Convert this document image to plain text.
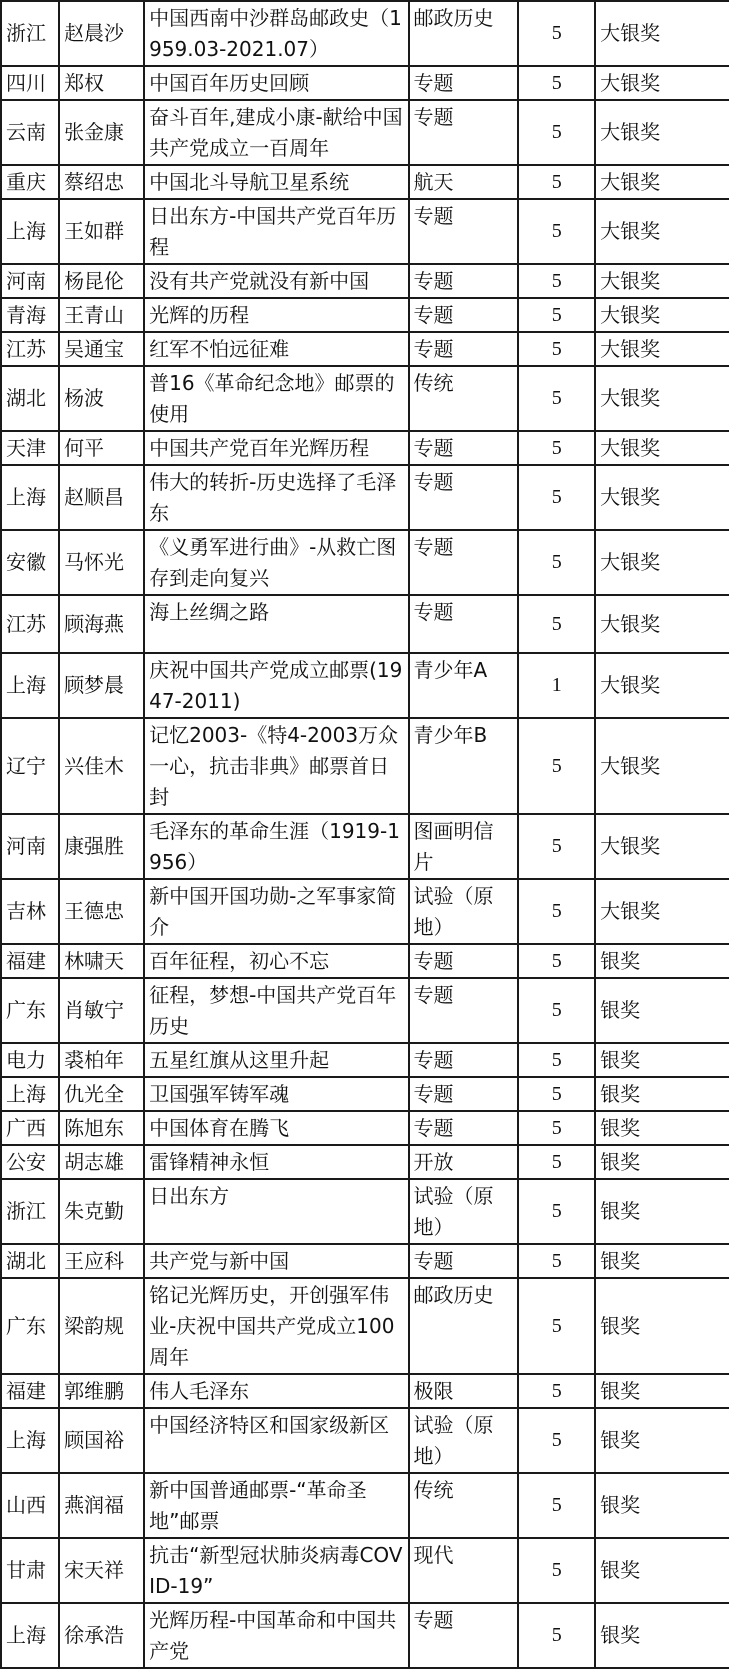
浙江	赵晨沙	中国西南中沙群岛邮政史（1959.03-2021.07）	邮政历史	5	大银奖
四川	郑权	中国百年历史回顾	专题	5	大银奖
云南	张金康	奋斗百年,建成小康-献给中国共产党成立一百周年	专题	5	大银奖
重庆	蔡绍忠	中国北斗导航卫星系统	航天	5	大银奖
上海	王如群	日出东方-中国共产党百年历程	专题	5	大银奖
河南	杨昆伦	没有共产党就没有新中国	专题	5	大银奖
青海	王青山	光辉的历程	专题	5	大银奖
江苏	吴通宝	红军不怕远征难	专题	5	大银奖
湖北	杨波	普16《革命纪念地》邮票的使用	传统	5	大银奖
天津	何平	中国共产党百年光辉历程	专题	5	大银奖
上海	赵顺昌	伟大的转折-历史选择了毛泽东	专题	5	大银奖
安徽	马怀光	《义勇军进行曲》-从救亡图存到走向复兴	专题	5	大银奖
江苏	顾海燕	海上丝绸之路	专题	5	大银奖
上海	顾梦晨	庆祝中国共产党成立邮票(1947-2011)	青少年A	1	大银奖
辽宁	兴佳木	记忆2003-《特4-2003万众一心，抗击非典》邮票首日封	青少年B	5	大银奖
河南	康强胜	毛泽东的革命生涯（1919-1956）	图画明信片	5	大银奖
吉林	王德忠	新中国开国功勋-之军事家简介	试验（原地）	5	大银奖
福建	林啸天	百年征程，初心不忘	专题	5	银奖
广东	肖敏宁	征程，梦想-中国共产党百年历史	专题	5	银奖
电力	裘柏年	五星红旗从这里升起	专题	5	银奖
上海	仇光全	卫国强军铸军魂	专题	5	银奖
广西	陈旭东	中国体育在腾飞	专题	5	银奖
公安	胡志雄	雷锋精神永恒	开放	5	银奖
浙江	朱克勤	日出东方	试验（原地）	5	银奖
湖北	王应科	共产党与新中国	专题	5	银奖
广东	梁韵规	铭记光辉历史，开创强军伟业-庆祝中国共产党成立100周年	邮政历史	5	银奖
福建	郭维鹏	伟人毛泽东	极限	5	银奖
上海	顾国裕	中国经济特区和国家级新区	试验（原地）	5	银奖
山西	燕润福	新中国普通邮票-“革命圣地”邮票	传统	5	银奖
甘肃	宋天祥	抗击“新型冠状肺炎病毒COVID-19”	现代	5	银奖
上海	徐承浩	光辉历程-中国革命和中国共产党	专题	5	银奖
